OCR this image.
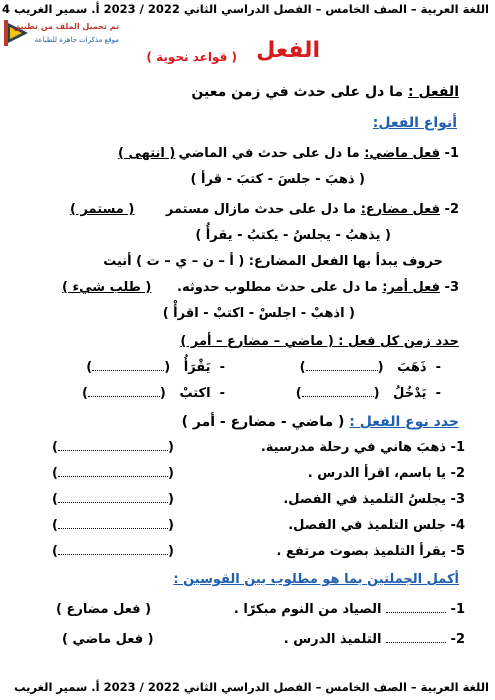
اللغة العربية – الصف الخامس – الفصل الدراسي الثاني 2022 / 2023 أ. سمير الغريب 4
تم تحميل الملف من تطبيق
موقع مذكرات جاهزة للطباعة	الفعل
( قواعد نحوية )
الفعل : ما دل على حدث في زمن معين
أنواع الفعل:
1- فعل ماضي: ما دل على حدث في الماضي
( انتهى )
( ذهبَ - جلسَ - كتبَ - قرأ )
2- فعل مضارع: ما دل على حدث مازال مستمر
( مستمر )
( يذهبُ - يجلسُ - يكتبُ - يقرأُ )
حروف يبدأ بها الفعل المضارع: ( أ – ن – ي – ت ) أنيت
3- فعل أمر: ما دل على حدث مطلوب حدوثه.
( طلب شيء )
( اذهبْ - اجلسْ - اكتبْ - اقرأْ )
حدد زمن كل فعل : ( ماضي – مضارع – أمر )
-  ذَهَبَ   ()
-  يَقْرَأُ   ()
-  يَدْخُلُ   ()
-  اكتبْ   ()
حدد نوع الفعل : ( ماضي - مضارع - أمر )
1- ذهبَ هاني في رحلة مدرسية.
()
2- يا باسم، اقرأ الدرس .
()
3- يجلسُ التلميذ في الفصل.
()
4- جلس التلميذ في الفصل.
()
5- يقرأ التلميذ بصوت مرتفع .
()
أكمل الجملتين بما هو مطلوب بين القوسين :
1-  الصياد من النوم مبكرًا .
( فعل مضارع )
2-  التلميذ الدرس .
( فعل ماضي )
اللغة العربية – الصف الخامس – الفصل الدراسي الثاني 2022 / 2023 أ. سمير الغريب
